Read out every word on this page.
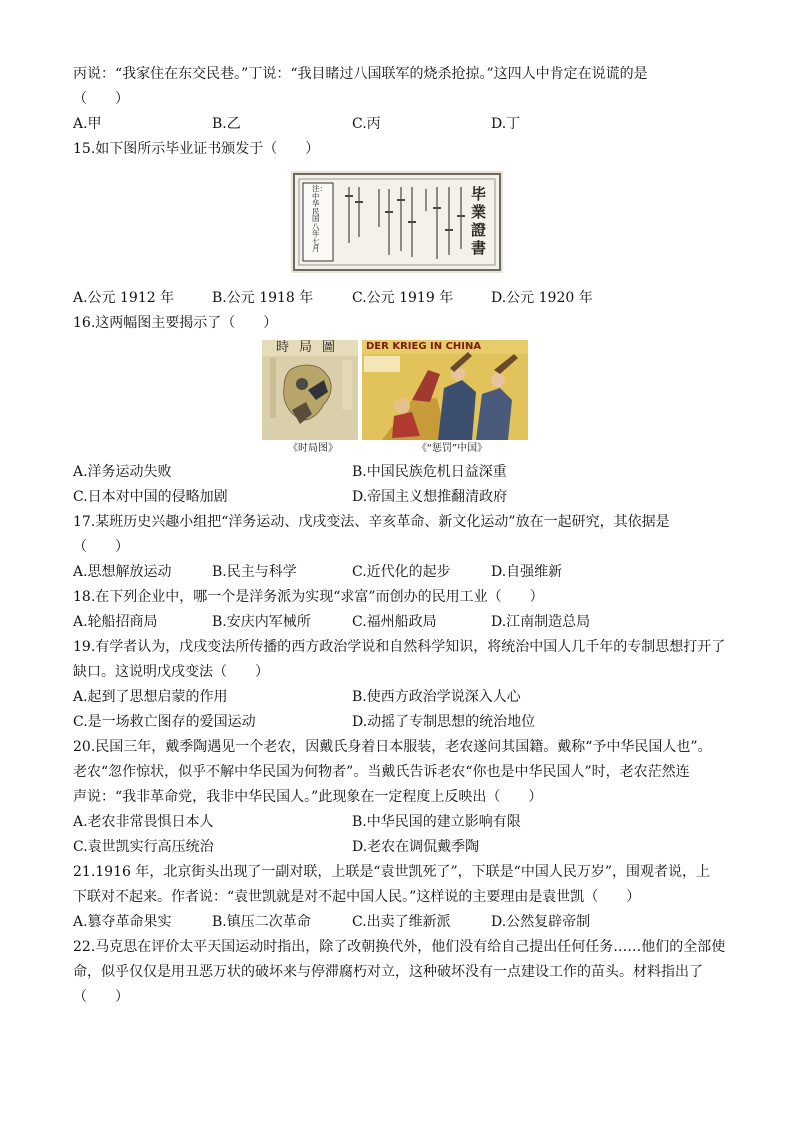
丙说：“我家住在东交民巷。”丁说：“我目睹过八国联军的烧杀抢掠。”这四人中肯定在说谎的是
（　　）
A.甲	B.乙	C.丙	D.丁
15.如下图所示毕业证书颁发于（　　）
毕業證書
注：中华民国八年七月
A.公元 1912 年	B.公元 1918 年	C.公元 1919 年	D.公元 1920 年
16.这两幅图主要揭示了（　　）
時局圖	DER KRIEG IN CHINA
《时局图》	《“惩罚”中国》
A.洋务运动失败	B.中国民族危机日益深重
C.日本对中国的侵略加剧	D.帝国主义想推翻清政府
17.某班历史兴趣小组把“洋务运动、戊戌变法、辛亥革命、新文化运动”放在一起研究，其依据是
（　　）
A.思想解放运动	B.民主与科学	C.近代化的起步	D.自强维新
18.在下列企业中，哪一个是洋务派为实现“求富”而创办的民用工业（　　）
A.轮船招商局	B.安庆内军械所	C.福州船政局	D.江南制造总局
19.有学者认为，戊戌变法所传播的西方政治学说和自然科学知识，将统治中国人几千年的专制思想打开了
缺口。这说明戊戌变法（　　）
A.起到了思想启蒙的作用	B.使西方政治学说深入人心
C.是一场救亡图存的爱国运动	D.动摇了专制思想的统治地位
20.民国三年，戴季陶遇见一个老农，因戴氏身着日本服装，老农遂问其国籍。戴称“予中华民国人也”。
老农“忽作惊状，似乎不解中华民国为何物者”。当戴氏告诉老农“你也是中华民国人”时，老农茫然连
声说：“我非革命党，我非中华民国人。”此现象在一定程度上反映出（　　）
A.老农非常畏惧日本人	B.中华民国的建立影响有限
C.袁世凯实行高压统治	D.老农在调侃戴季陶
21.1916 年，北京街头出现了一副对联，上联是“袁世凯死了”，下联是“中国人民万岁”，围观者说，上
下联对不起来。作者说：“袁世凯就是对不起中国人民。”这样说的主要理由是袁世凯（　　）
A.篡夺革命果实	B.镇压二次革命	C.出卖了维新派	D.公然复辟帝制
22.马克思在评价太平天国运动时指出，除了改朝换代外，他们没有给自己提出任何任务……他们的全部使
命，似乎仅仅是用丑恶万状的破坏来与停滞腐朽对立，这种破坏没有一点建设工作的苗头。材料指出了
（　　）
